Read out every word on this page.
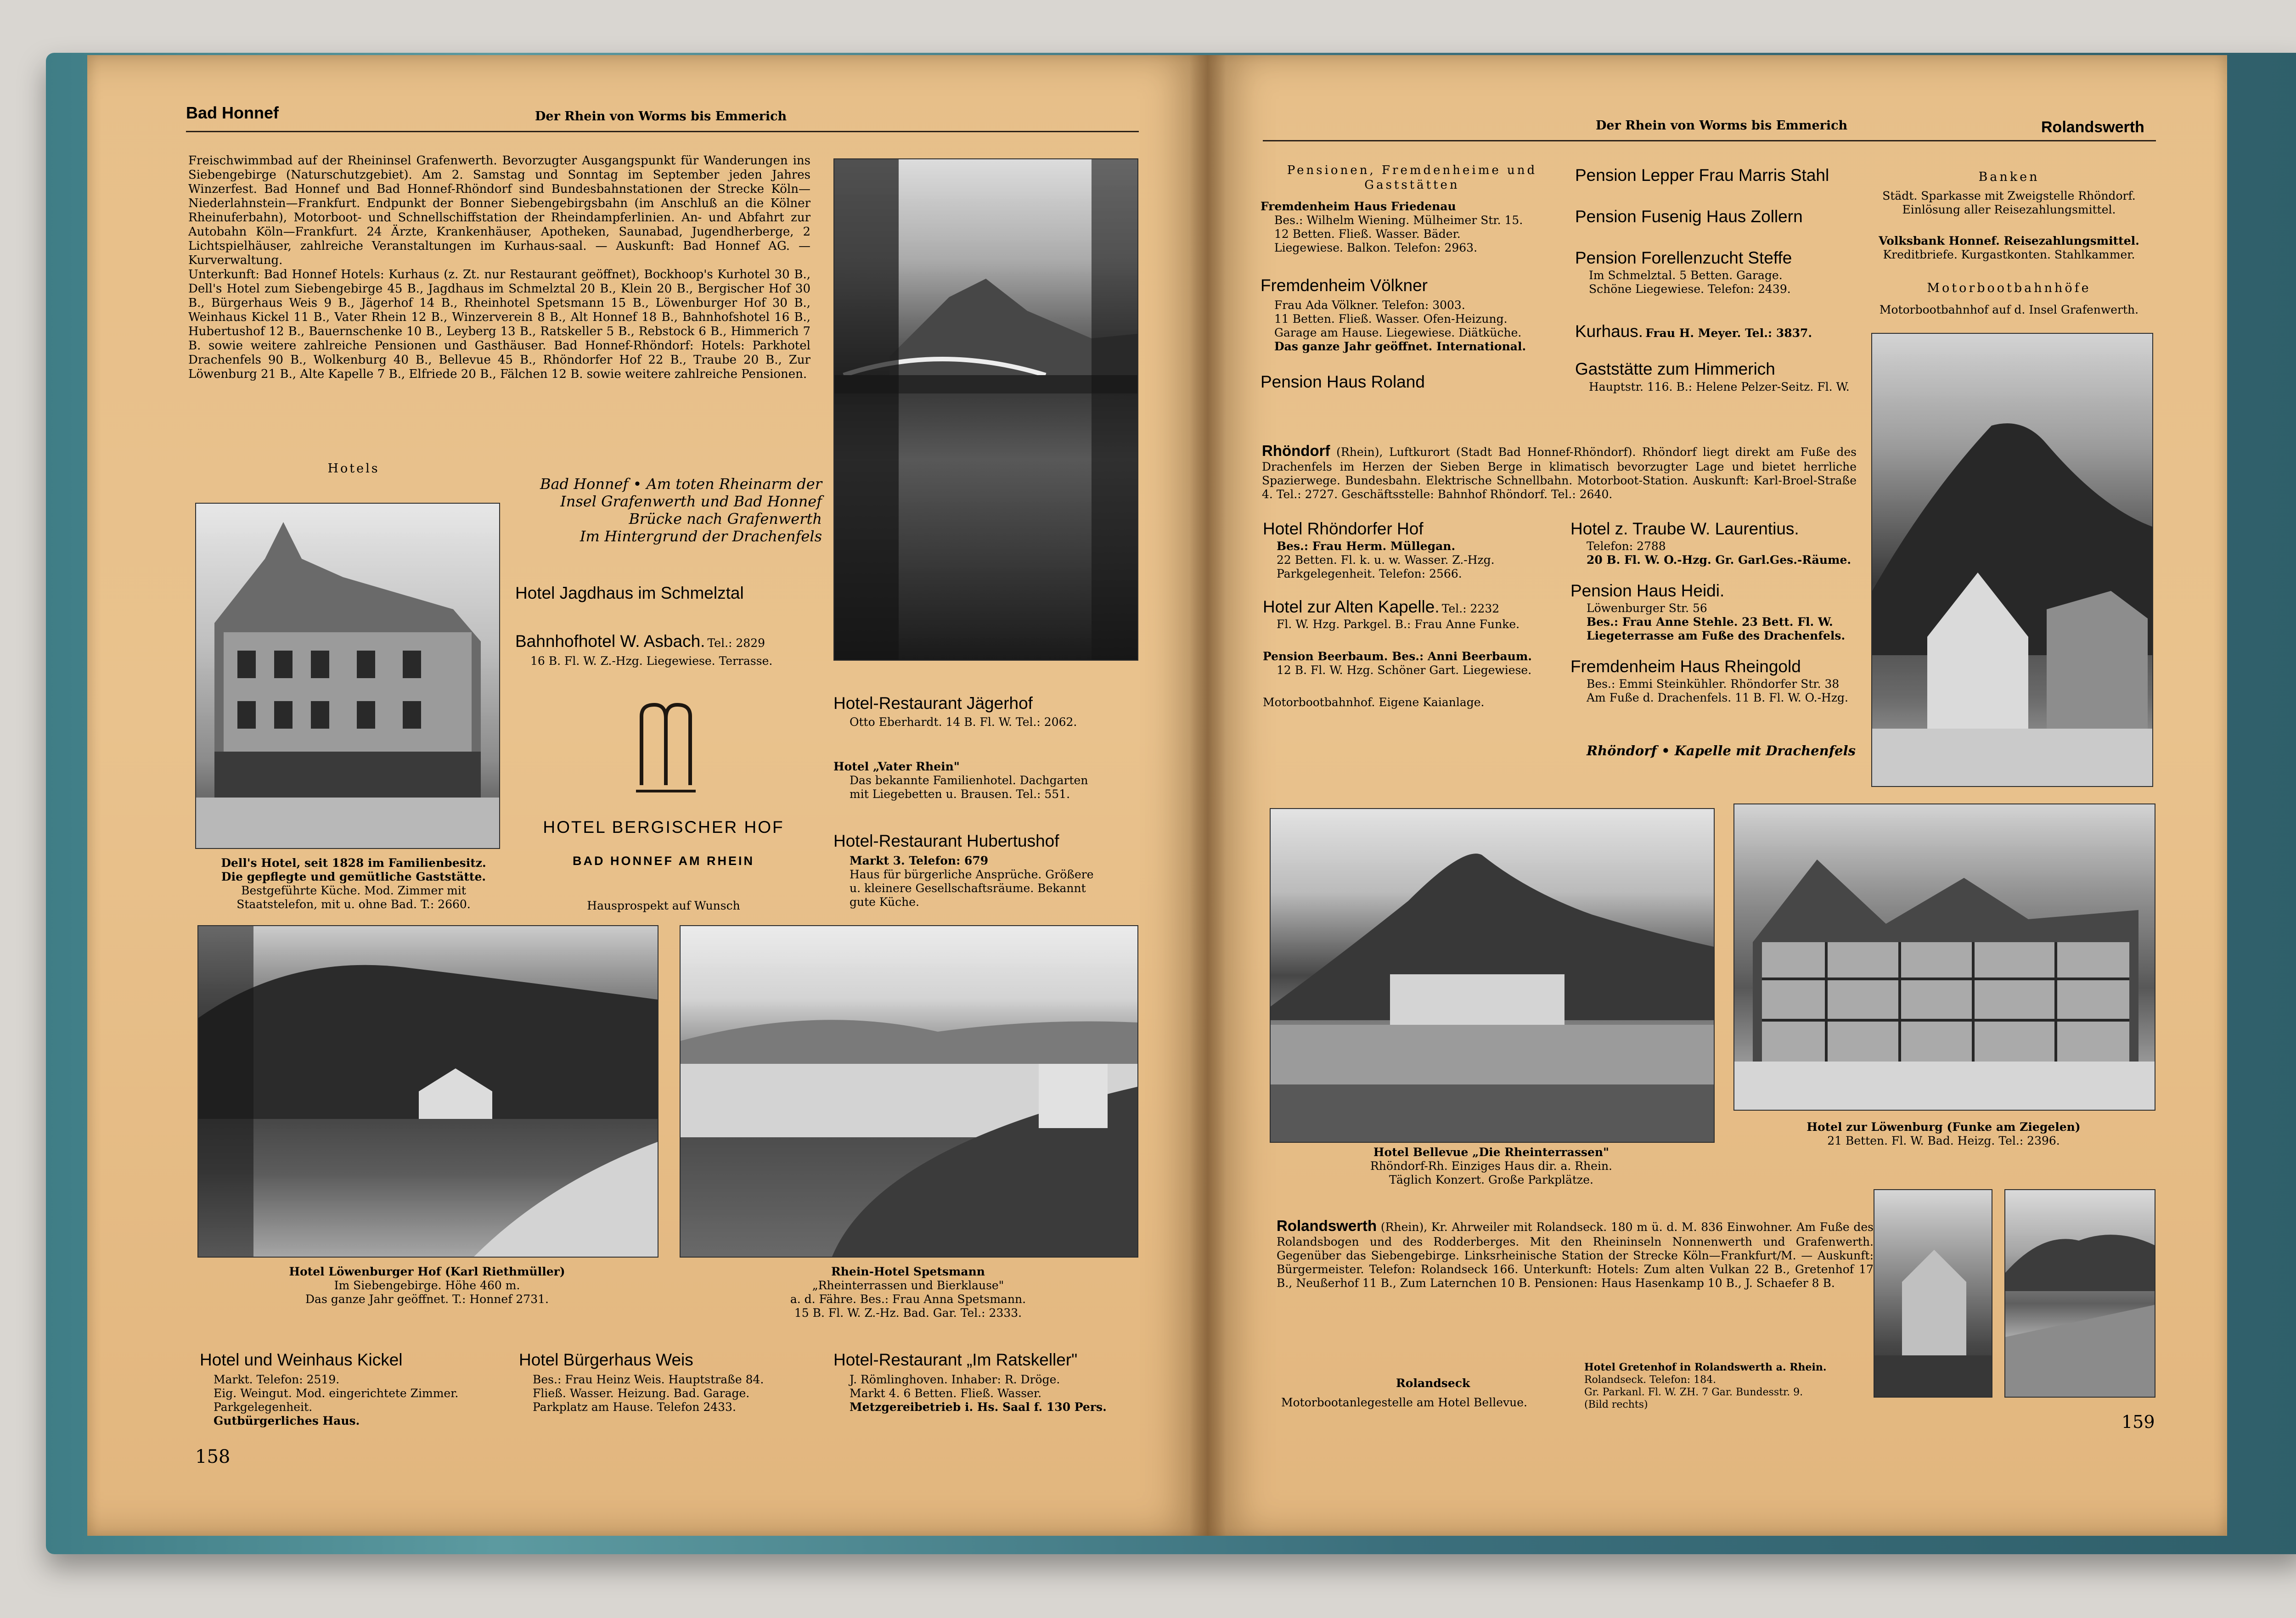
Bad Honnef	Der Rhein von Worms bis Emmerich

Freischwimmbad auf der Rheininsel Grafenwerth. Bevorzugter Ausgangspunkt für Wanderungen ins Siebengebirge (Naturschutzgebiet). Am 2. Samstag und Sonntag im September jeden Jahres Winzerfest. Bad Honnef und Bad Honnef-Rhöndorf sind Bundesbahnstationen der Strecke Köln—Niederlahnstein—Frankfurt. Endpunkt der Bonner Siebengebirgsbahn (im Anschluß an die Kölner Rheinuferbahn), Motorboot- und Schnellschiffstation der Rheindampferlinien. An- und Abfahrt zur Autobahn Köln—Frankfurt. 24 Ärzte, Krankenhäuser, Apotheken, Saunabad, Jugendherberge, 2 Lichtspielhäuser, zahlreiche Veranstaltungen im Kurhaus-saal. — Auskunft: Bad Honnef AG. — Kurverwaltung.

Unterkunft: Bad Honnef Hotels: Kurhaus (z. Zt. nur Restaurant geöffnet), Bockhoop's Kurhotel 30 B., Dell's Hotel zum Siebengebirge 45 B., Jagdhaus im Schmelztal 20 B., Klein 20 B., Bergischer Hof 30 B., Bürgerhaus Weis 9 B., Jägerhof 14 B., Rheinhotel Spetsmann 15 B., Löwenburger Hof 30 B., Weinhaus Kickel 11 B., Vater Rhein 12 B., Winzerverein 8 B., Alt Honnef 18 B., Bahnhofshotel 16 B., Hubertushof 12 B., Bauernschenke 10 B., Leyberg 13 B., Ratskeller 5 B., Rebstock 6 B., Himmerich 7 B. sowie weitere zahlreiche Pensionen und Gasthäuser. Bad Honnef-Rhöndorf: Hotels: Parkhotel Drachenfels 90 B., Wolkenburg 40 B., Bellevue 45 B., Rhöndorfer Hof 22 B., Traube 20 B., Zur Löwenburg 21 B., Alte Kapelle 7 B., Elfriede 20 B., Fälchen 12 B. sowie weitere zahlreiche Pensionen.

Hotels

Bad Honnef • Am toten Rheinarm der

Insel Grafenwerth und Bad Honnef

Brücke nach Grafenwerth

Im Hintergrund der Drachenfels

Hotel Jagdhaus im Schmelztal
Bahnhofhotel W. Asbach. Tel.: 2829
16 B. Fl. W. Z.-Hzg. Liegewiese. Terrasse.
HOTEL BERGISCHER HOF
BAD HONNEF AM RHEIN
Hausprospekt auf Wunsch

Dell's Hotel, seit 1828 im Familienbesitz.

Die gepflegte und gemütliche Gaststätte.

Bestgeführte Küche. Mod. Zimmer mit

Staatstelefon, mit u. ohne Bad. T.: 2660.

Hotel-Restaurant Jägerhof
Otto Eberhardt. 14 B. Fl. W. Tel.: 2062.

Hotel „Vater Rhein"

Das bekannte Familienhotel. Dachgarten

mit Liegebetten u. Brausen. Tel.: 551.

Hotel-Restaurant Hubertushof

Markt 3. Telefon: 679

Haus für bürgerliche Ansprüche. Größere

u. kleinere Gesellschaftsräume. Bekannt

gute Küche.

Hotel Löwenburger Hof (Karl Riethmüller)

Im Siebengebirge. Höhe 460 m.

Das ganze Jahr geöffnet. T.: Honnef 2731.

Rhein-Hotel Spetsmann

„Rheinterrassen und Bierklause"

a. d. Fähre. Bes.: Frau Anna Spetsmann.

15 B. Fl. W. Z.-Hz. Bad. Gar. Tel.: 2333.

Hotel und Weinhaus Kickel

Markt. Telefon: 2519.

Eig. Weingut. Mod. eingerichtete Zimmer.

Parkgelegenheit.

Gutbürgerliches Haus.

Hotel Bürgerhaus Weis

Bes.: Frau Heinz Weis. Hauptstraße 84.

Fließ. Wasser. Heizung. Bad. Garage.

Parkplatz am Hause. Telefon 2433.

Hotel-Restaurant „Im Ratskeller"

J. Römlinghoven. Inhaber: R. Dröge.

Markt 4. 6 Betten. Fließ. Wasser.

Metzgereibetrieb i. Hs. Saal f. 130 Pers.

158
Der Rhein von Worms bis Emmerich	Rolandswerth
Pensionen, Fremdenheime und Gaststätten

Fremdenheim Haus Friedenau

Bes.: Wilhelm Wiening. Mülheimer Str. 15.

12 Betten. Fließ. Wasser. Bäder.

Liegewiese. Balkon. Telefon: 2963.

Fremdenheim Völkner

Frau Ada Völkner. Telefon: 3003.

11 Betten. Fließ. Wasser. Ofen-Heizung.

Garage am Hause. Liegewiese. Diätküche.

Das ganze Jahr geöffnet. International.

Pension Haus Roland
Pension Lepper Frau Marris Stahl
Pension Fusenig Haus Zollern
Pension Forellenzucht Steffe

Im Schmelztal. 5 Betten. Garage.

Schöne Liegewiese. Telefon: 2439.

Kurhaus. Frau H. Meyer. Tel.: 3837.
Gaststätte zum Himmerich
Hauptstr. 116. B.: Helene Pelzer-Seitz. Fl. W.
Banken

Städt. Sparkasse mit Zweigstelle Rhöndorf.

Einlösung aller Reisezahlungsmittel.

Volksbank Honnef. Reisezahlungsmittel.

Kreditbriefe. Kurgastkonten. Stahlkammer.

Motorbootbahnhöfe
Motorbootbahnhof auf d. Insel Grafenwerth.
Rhöndorf (Rhein), Luftkurort (Stadt Bad Honnef-Rhöndorf). Rhöndorf liegt direkt am Fuße des Drachenfels im Herzen der Sieben Berge in klimatisch bevorzugter Lage und bietet herrliche Spazierwege. Bundesbahn. Elektrische Schnellbahn. Motorboot-Station. Auskunft: Karl-Broel-Straße 4. Tel.: 2727. Geschäftsstelle: Bahnhof Rhöndorf. Tel.: 2640.
Hotel Rhöndorfer Hof

Bes.: Frau Herm. Müllegan.

22 Betten. Fl. k. u. w. Wasser. Z.-Hzg.

Parkgelegenheit. Telefon: 2566.

Hotel zur Alten Kapelle. Tel.: 2232
Fl. W. Hzg. Parkgel. B.: Frau Anne Funke.

Pension Beerbaum. Bes.: Anni Beerbaum.

12 B. Fl. W. Hzg. Schöner Gart. Liegewiese.

Motorbootbahnhof. Eigene Kaianlage.
Hotel z. Traube W. Laurentius.

Telefon: 2788

20 B. Fl. W. O.-Hzg. Gr. Garl.Ges.-Räume.

Pension Haus Heidi.

Löwenburger Str. 56

Bes.: Frau Anne Stehle. 23 Bett. Fl. W.

Liegeterrasse am Fuße des Drachenfels.

Fremdenheim Haus Rheingold

Bes.: Emmi Steinkühler. Rhöndorfer Str. 38

Am Fuße d. Drachenfels. 11 B. Fl. W. O.-Hzg.

Rhöndorf • Kapelle mit Drachenfels

Hotel Bellevue „Die Rheinterrassen"

Rhöndorf-Rh. Einziges Haus dir. a. Rhein.

Täglich Konzert. Große Parkplätze.

Hotel zur Löwenburg (Funke am Ziegelen)

21 Betten. Fl. W. Bad. Heizg. Tel.: 2396.

Rolandswerth (Rhein), Kr. Ahrweiler mit Rolandseck. 180 m ü. d. M. 836 Einwohner. Am Fuße des Rolandsbogen und des Rodderberges. Mit den Rheininseln Nonnenwerth und Grafenwerth. Gegenüber das Siebengebirge. Linksrheinische Station der Strecke Köln—Frankfurt/M. — Auskunft: Bürgermeister. Telefon: Rolandseck 166. Unterkunft: Hotels: Zum alten Vulkan 22 B., Gretenhof 17 B., Neußerhof 11 B., Zum Laternchen 10 B. Pensionen: Haus Hasenkamp 10 B., J. Schaefer 8 B.
Rolandseck
Motorbootanlegestelle am Hotel Bellevue.

Hotel Gretenhof in Rolandswerth a. Rhein.

Rolandseck. Telefon: 184.

Gr. Parkanl. Fl. W. ZH. 7 Gar. Bundesstr. 9.

(Bild rechts)

159
